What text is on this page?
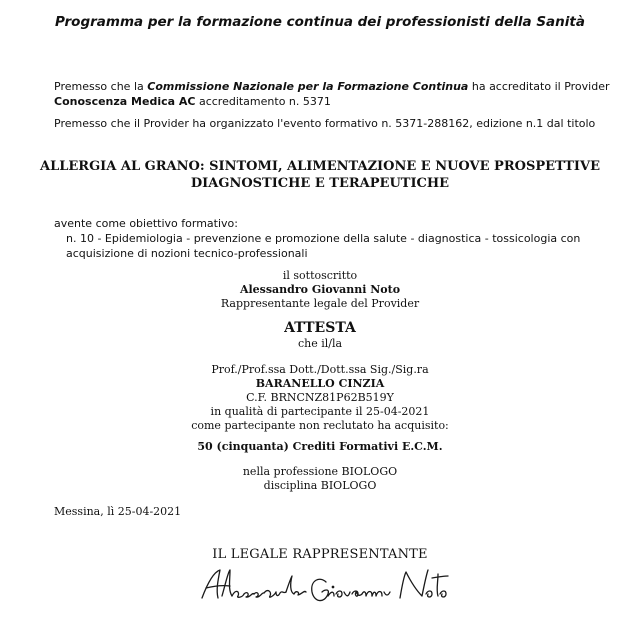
Programma per la formazione continua dei professionisti della Sanità
Premesso che la Commissione Nazionale per la Formazione Continua ha accreditato il Provider
Conoscenza Medica AC accreditamento n. 5371
Premesso che il Provider ha organizzato l'evento formativo n. 5371-288162, edizione n.1 dal titolo
ALLERGIA AL GRANO: SINTOMI, ALIMENTAZIONE E NUOVE PROSPETTIVE DIAGNOSTICHE E TERAPEUTICHE
avente come obiettivo formativo:
n. 10 - Epidemiologia - prevenzione e promozione della salute - diagnostica - tossicologia con acquisizione di nozioni tecnico-professionali
il sottoscritto
Alessandro Giovanni Noto
Rappresentante legale del Provider
ATTESTA
che il/la
Prof./Prof.ssa Dott./Dott.ssa Sig./Sig.ra
BARANELLO CINZIA
C.F. BRNCNZ81P62B519Y
in qualità di partecipante il 25-04-2021
come partecipante non reclutato ha acquisito:
50 (cinquanta) Crediti Formativi E.C.M.
nella professione BIOLOGO
disciplina BIOLOGO
Messina, lì 25-04-2021
IL LEGALE RAPPRESENTANTE
